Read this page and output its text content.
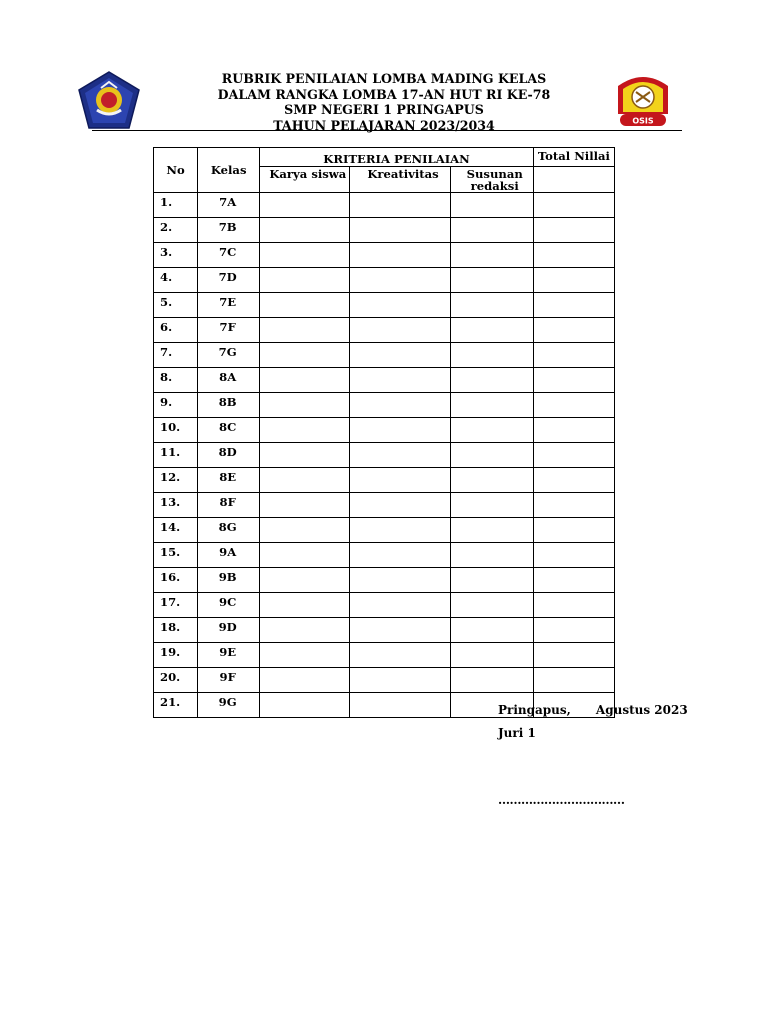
RUBRIK PENILAIAN LOMBA MADING KELAS
DALAM RANGKA LOMBA 17-AN HUT RI KE-78
SMP NEGERI 1 PRINGAPUS
TAHUN PELAJARAN 2023/2034	OSIS
No	Kelas	KRITERIA PENILAIAN			Total Nillai
		Karya siswa	Kreativitas	Susunan redaksi	
1.	7A				
2.	7B				
3.	7C				
4.	7D				
5.	7E				
6.	7F				
7.	7G				
8.	8A				
9.	8B				
10.	8C				
11.	8D				
12.	8E				
13.	8F				
14.	8G				
15.	9A				
16.	9B				
17.	9C				
18.	9D				
19.	9E				
20.	9F				
21.	9G				
Pringapus,      Agustus 2023
Juri 1
……………………………
